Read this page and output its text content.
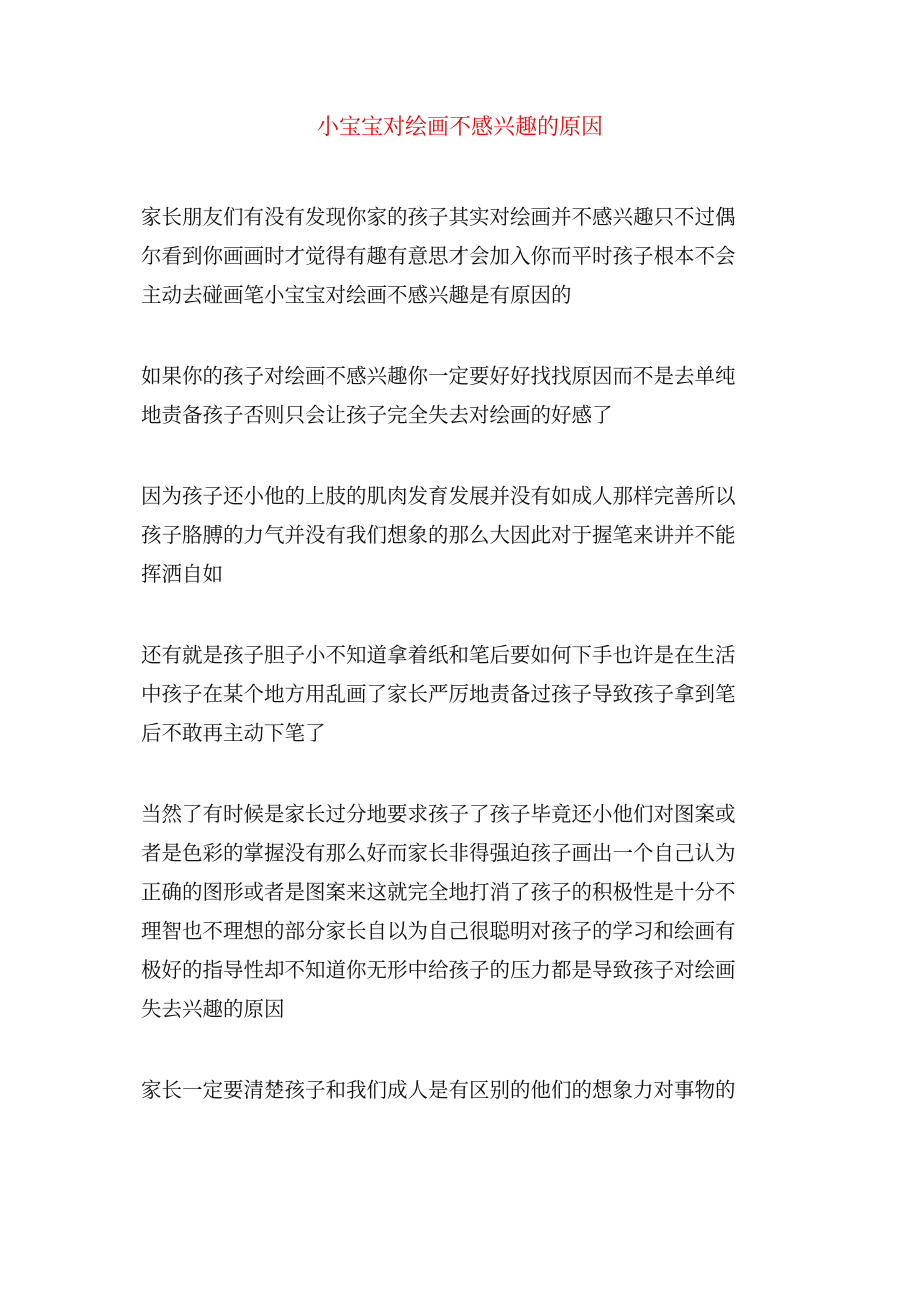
小宝宝对绘画不感兴趣的原因

家长朋友们有没有发现你家的孩子其实对绘画并不感兴趣只不过偶
尔看到你画画时才觉得有趣有意思才会加入你而平时孩子根本不会
主动去碰画笔小宝宝对绘画不感兴趣是有原因的

如果你的孩子对绘画不感兴趣你一定要好好找找原因而不是去单纯
地责备孩子否则只会让孩子完全失去对绘画的好感了

因为孩子还小他的上肢的肌肉发育发展并没有如成人那样完善所以
孩子胳膊的力气并没有我们想象的那么大因此对于握笔来讲并不能
挥洒自如

还有就是孩子胆子小不知道拿着纸和笔后要如何下手也许是在生活
中孩子在某个地方用乱画了家长严厉地责备过孩子导致孩子拿到笔
后不敢再主动下笔了

当然了有时候是家长过分地要求孩子了孩子毕竟还小他们对图案或
者是色彩的掌握没有那么好而家长非得强迫孩子画出一个自己认为
正确的图形或者是图案来这就完全地打消了孩子的积极性是十分不
理智也不理想的部分家长自以为自己很聪明对孩子的学习和绘画有
极好的指导性却不知道你无形中给孩子的压力都是导致孩子对绘画
失去兴趣的原因

家长一定要清楚孩子和我们成人是有区别的他们的想象力对事物的
